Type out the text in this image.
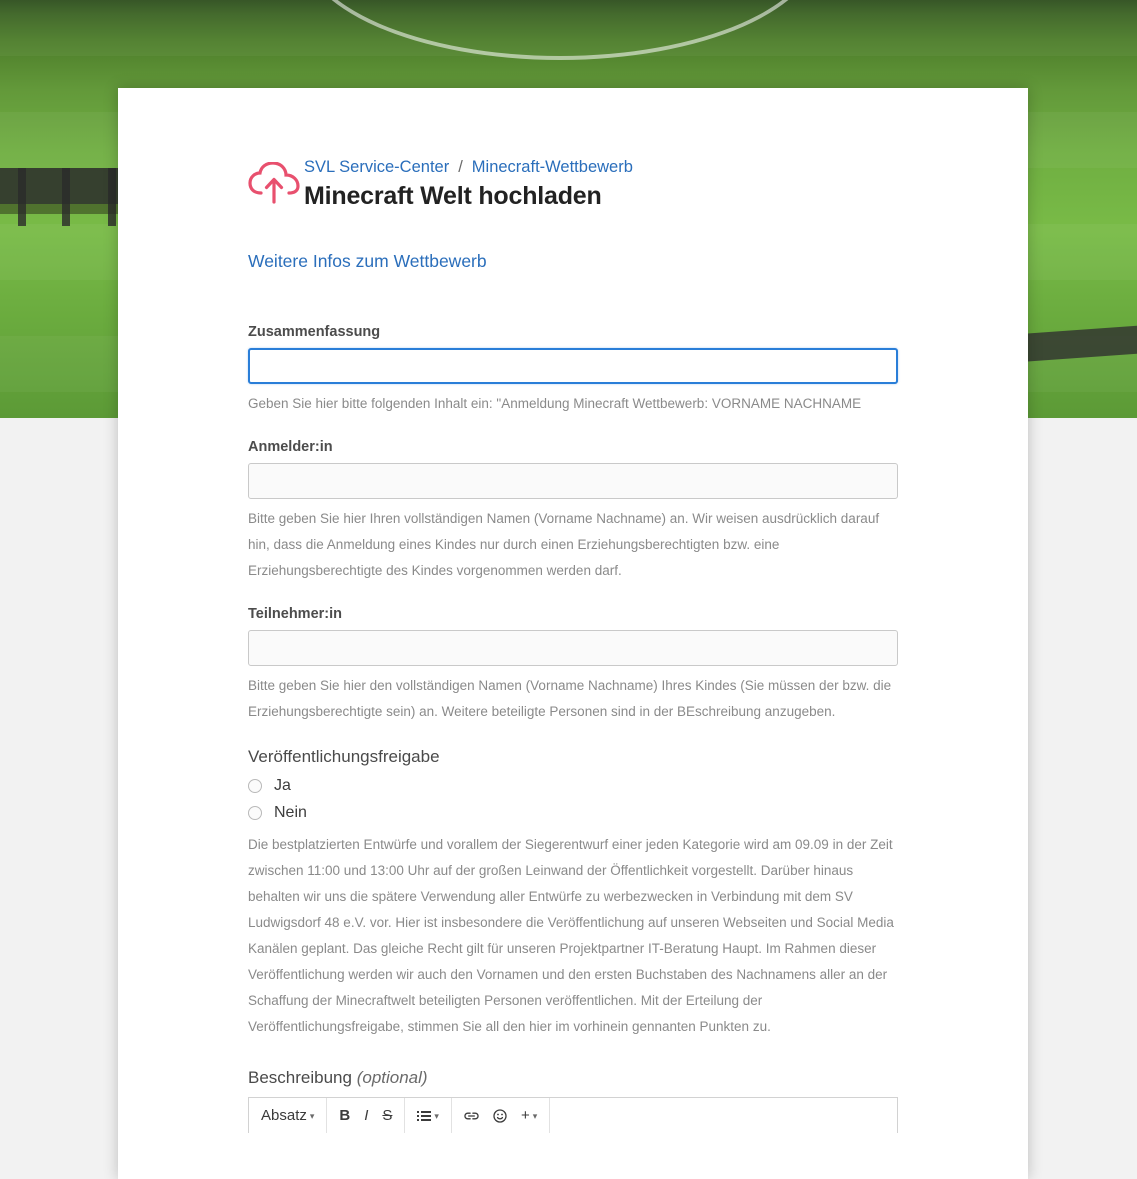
SVL Service-Center / Minecraft-Wettbewerb
Minecraft Welt hochladen
Weitere Infos zum Wettbewerb
Zusammenfassung
Geben Sie hier bitte folgenden Inhalt ein: "Anmeldung Minecraft Wettbewerb: VORNAME NACHNAME
Anmelder:in
Bitte geben Sie hier Ihren vollständigen Namen (Vorname Nachname) an. Wir weisen ausdrücklich darauf hin, dass die Anmeldung eines Kindes nur durch einen Erziehungsberechtigten bzw. eine Erziehungsberechtigte des Kindes vorgenommen werden darf.
Teilnehmer:in
Bitte geben Sie hier den vollständigen Namen (Vorname Nachname) Ihres Kindes (Sie müssen der bzw. die Erziehungsberechtigte sein) an. Weitere beteiligte Personen sind in der BEschreibung anzugeben.
Veröffentlichungsfreigabe
Ja
Nein
Die bestplatzierten Entwürfe und vorallem der Siegerentwurf einer jeden Kategorie wird am 09.09 in der Zeit zwischen 11:00 und 13:00 Uhr auf der großen Leinwand der Öffentlichkeit vorgestellt. Darüber hinaus behalten wir uns die spätere Verwendung aller Entwürfe zu werbezwecken in Verbindung mit dem SV Ludwigsdorf 48 e.V. vor. Hier ist insbesondere die Veröffentlichung auf unseren Webseiten und Social Media Kanälen geplant. Das gleiche Recht gilt für unseren Projektpartner IT-Beratung Haupt. Im Rahmen dieser Veröffentlichung werden wir auch den Vornamen und den ersten Buchstaben des Nachnamens aller an der Schaffung der Minecraftwelt beteiligten Personen veröffentlichen. Mit der Erteilung der Veröffentlichungsfreigabe, stimmen Sie all den hier im vorhinein gennanten Punkten zu.
Beschreibung (optional)
Absatz ▾ B I S	▾	+ ▾
